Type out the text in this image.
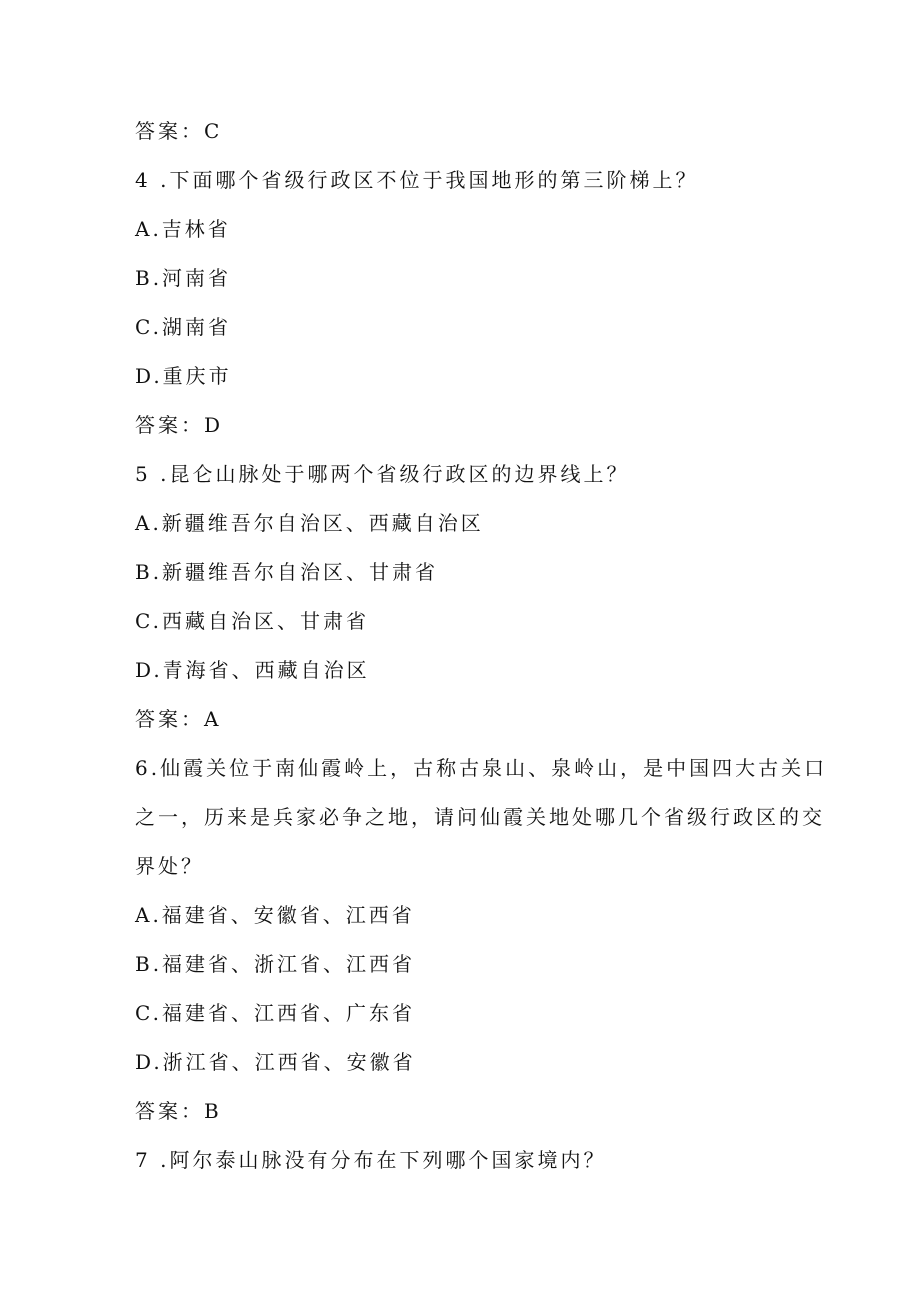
答案：C
4 .下面哪个省级行政区不位于我国地形的第三阶梯上？
A.吉林省
B.河南省
C.湖南省
D.重庆市
答案：D
5 .昆仑山脉处于哪两个省级行政区的边界线上？
A.新疆维吾尔自治区、西藏自治区
B.新疆维吾尔自治区、甘肃省
C.西藏自治区、甘肃省
D.青海省、西藏自治区
答案：A
6.仙霞关位于南仙霞岭上，古称古泉山、泉岭山，是中国四大古关口
之一，历来是兵家必争之地，请问仙霞关地处哪几个省级行政区的交
界处？
A.福建省、安徽省、江西省
B.福建省、浙江省、江西省
C.福建省、江西省、广东省
D.浙江省、江西省、安徽省
答案：B
7 .阿尔泰山脉没有分布在下列哪个国家境内？
